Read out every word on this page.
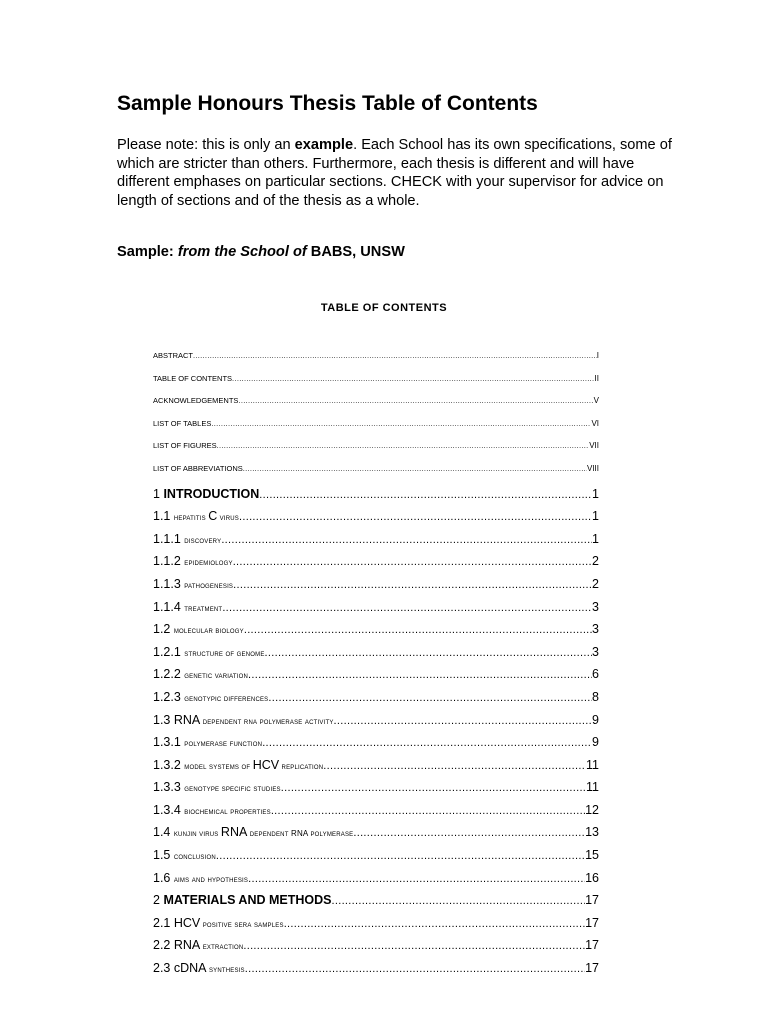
Sample Honours Thesis Table of Contents

Please note: this is only an example. Each School has its own specifications, some of which are stricter than others. Furthermore, each thesis is different and will have different emphases on particular sections. CHECK with your supervisor for advice on length of sections and of the thesis as a whole.

Sample: from the School of BABS, UNSW

TABLE OF CONTENTS

ABSTRACT .....	I
TABLE OF CONTENTS .....	II
ACKNOWLEDGEMENTS .....	V
LIST OF TABLES .....	VI
LIST OF FIGURES .....	VII
LIST OF ABBREVIATIONS .....	VIII
1 INTRODUCTION .....	1
1.1 hepatitis C virus .....	1
1.1.1 discovery .....	1
1.1.2 epidemiology .....	2
1.1.3 pathogenesis .....	2
1.1.4 treatment .....	3
1.2 molecular biology .....	3
1.2.1 structure of genome .....	3
1.2.2 genetic variation .....	6
1.2.3 genotypic differences .....	8
1.3 RNA dependent rna polymerase activity .....	9
1.3.1 polymerase function .....	9
1.3.2 model systems of HCV replication .....	11
1.3.3 genotype specific studies .....	11
1.3.4 biochemical properties .....	12
1.4 kunjin virus RNA dependent RNA polymerase .....	13
1.5 conclusion .....	15
1.6 aims and hypothesis .....	16
2 MATERIALS AND METHODS .....	17
2.1 HCV positive sera samples .....	17
2.2 RNA extraction .....	17
2.3 cDNA synthesis .....	17
